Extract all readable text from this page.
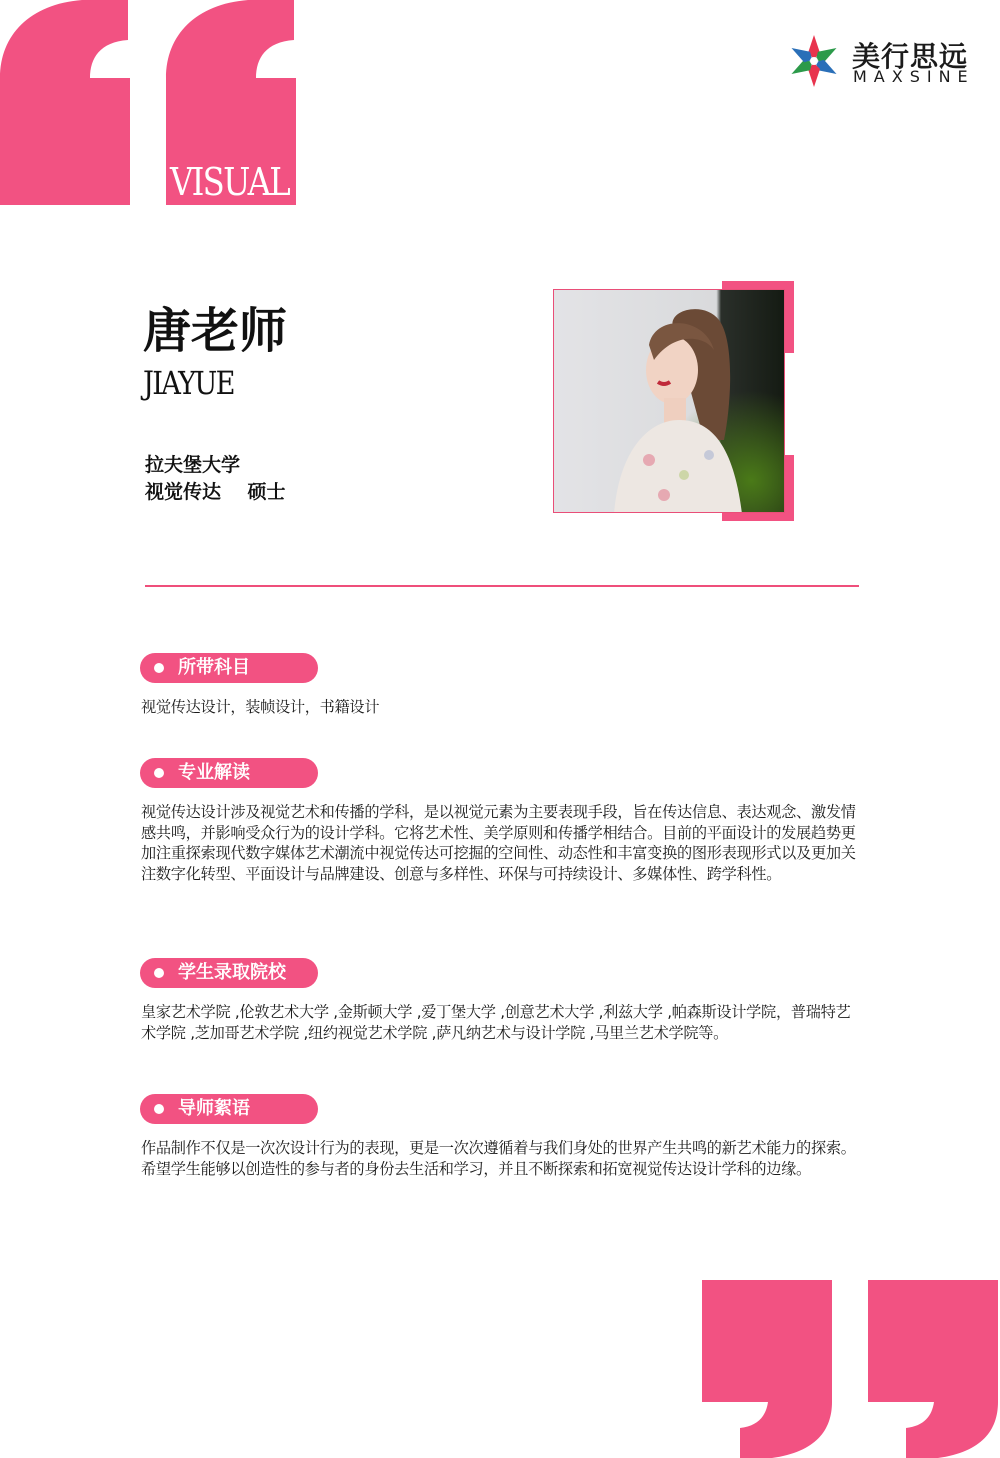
VISUAL
美行思远
MAXSINE
唐老师
JIAYUE
拉夫堡大学
视觉传达    硕士
所带科目
视觉传达设计，装帧设计，书籍设计
专业解读
视觉传达设计涉及视觉艺术和传播的学科，是以视觉元素为主要表现手段，旨在传达信息、表达观念、激发情感共鸣，并影响受众行为的设计学科。它将艺术性、美学原则和传播学相结合。目前的平面设计的发展趋势更加注重探索现代数字媒体艺术潮流中视觉传达可挖掘的空间性、动态性和丰富变换的图形表现形式以及更加关注数字化转型、平面设计与品牌建设、创意与多样性、环保与可持续设计、多媒体性、跨学科性。
学生录取院校
皇家艺术学院 ,伦敦艺术大学 ,金斯顿大学 ,爱丁堡大学 ,创意艺术大学 ,利兹大学 ,帕森斯设计学院，普瑞特艺术学院 ,芝加哥艺术学院 ,纽约视觉艺术学院 ,萨凡纳艺术与设计学院 ,马里兰艺术学院等。
导师絮语
作品制作不仅是一次次设计行为的表现，更是一次次遵循着与我们身处的世界产生共鸣的新艺术能力的探索。希望学生能够以创造性的参与者的身份去生活和学习，并且不断探索和拓宽视觉传达设计学科的边缘。
